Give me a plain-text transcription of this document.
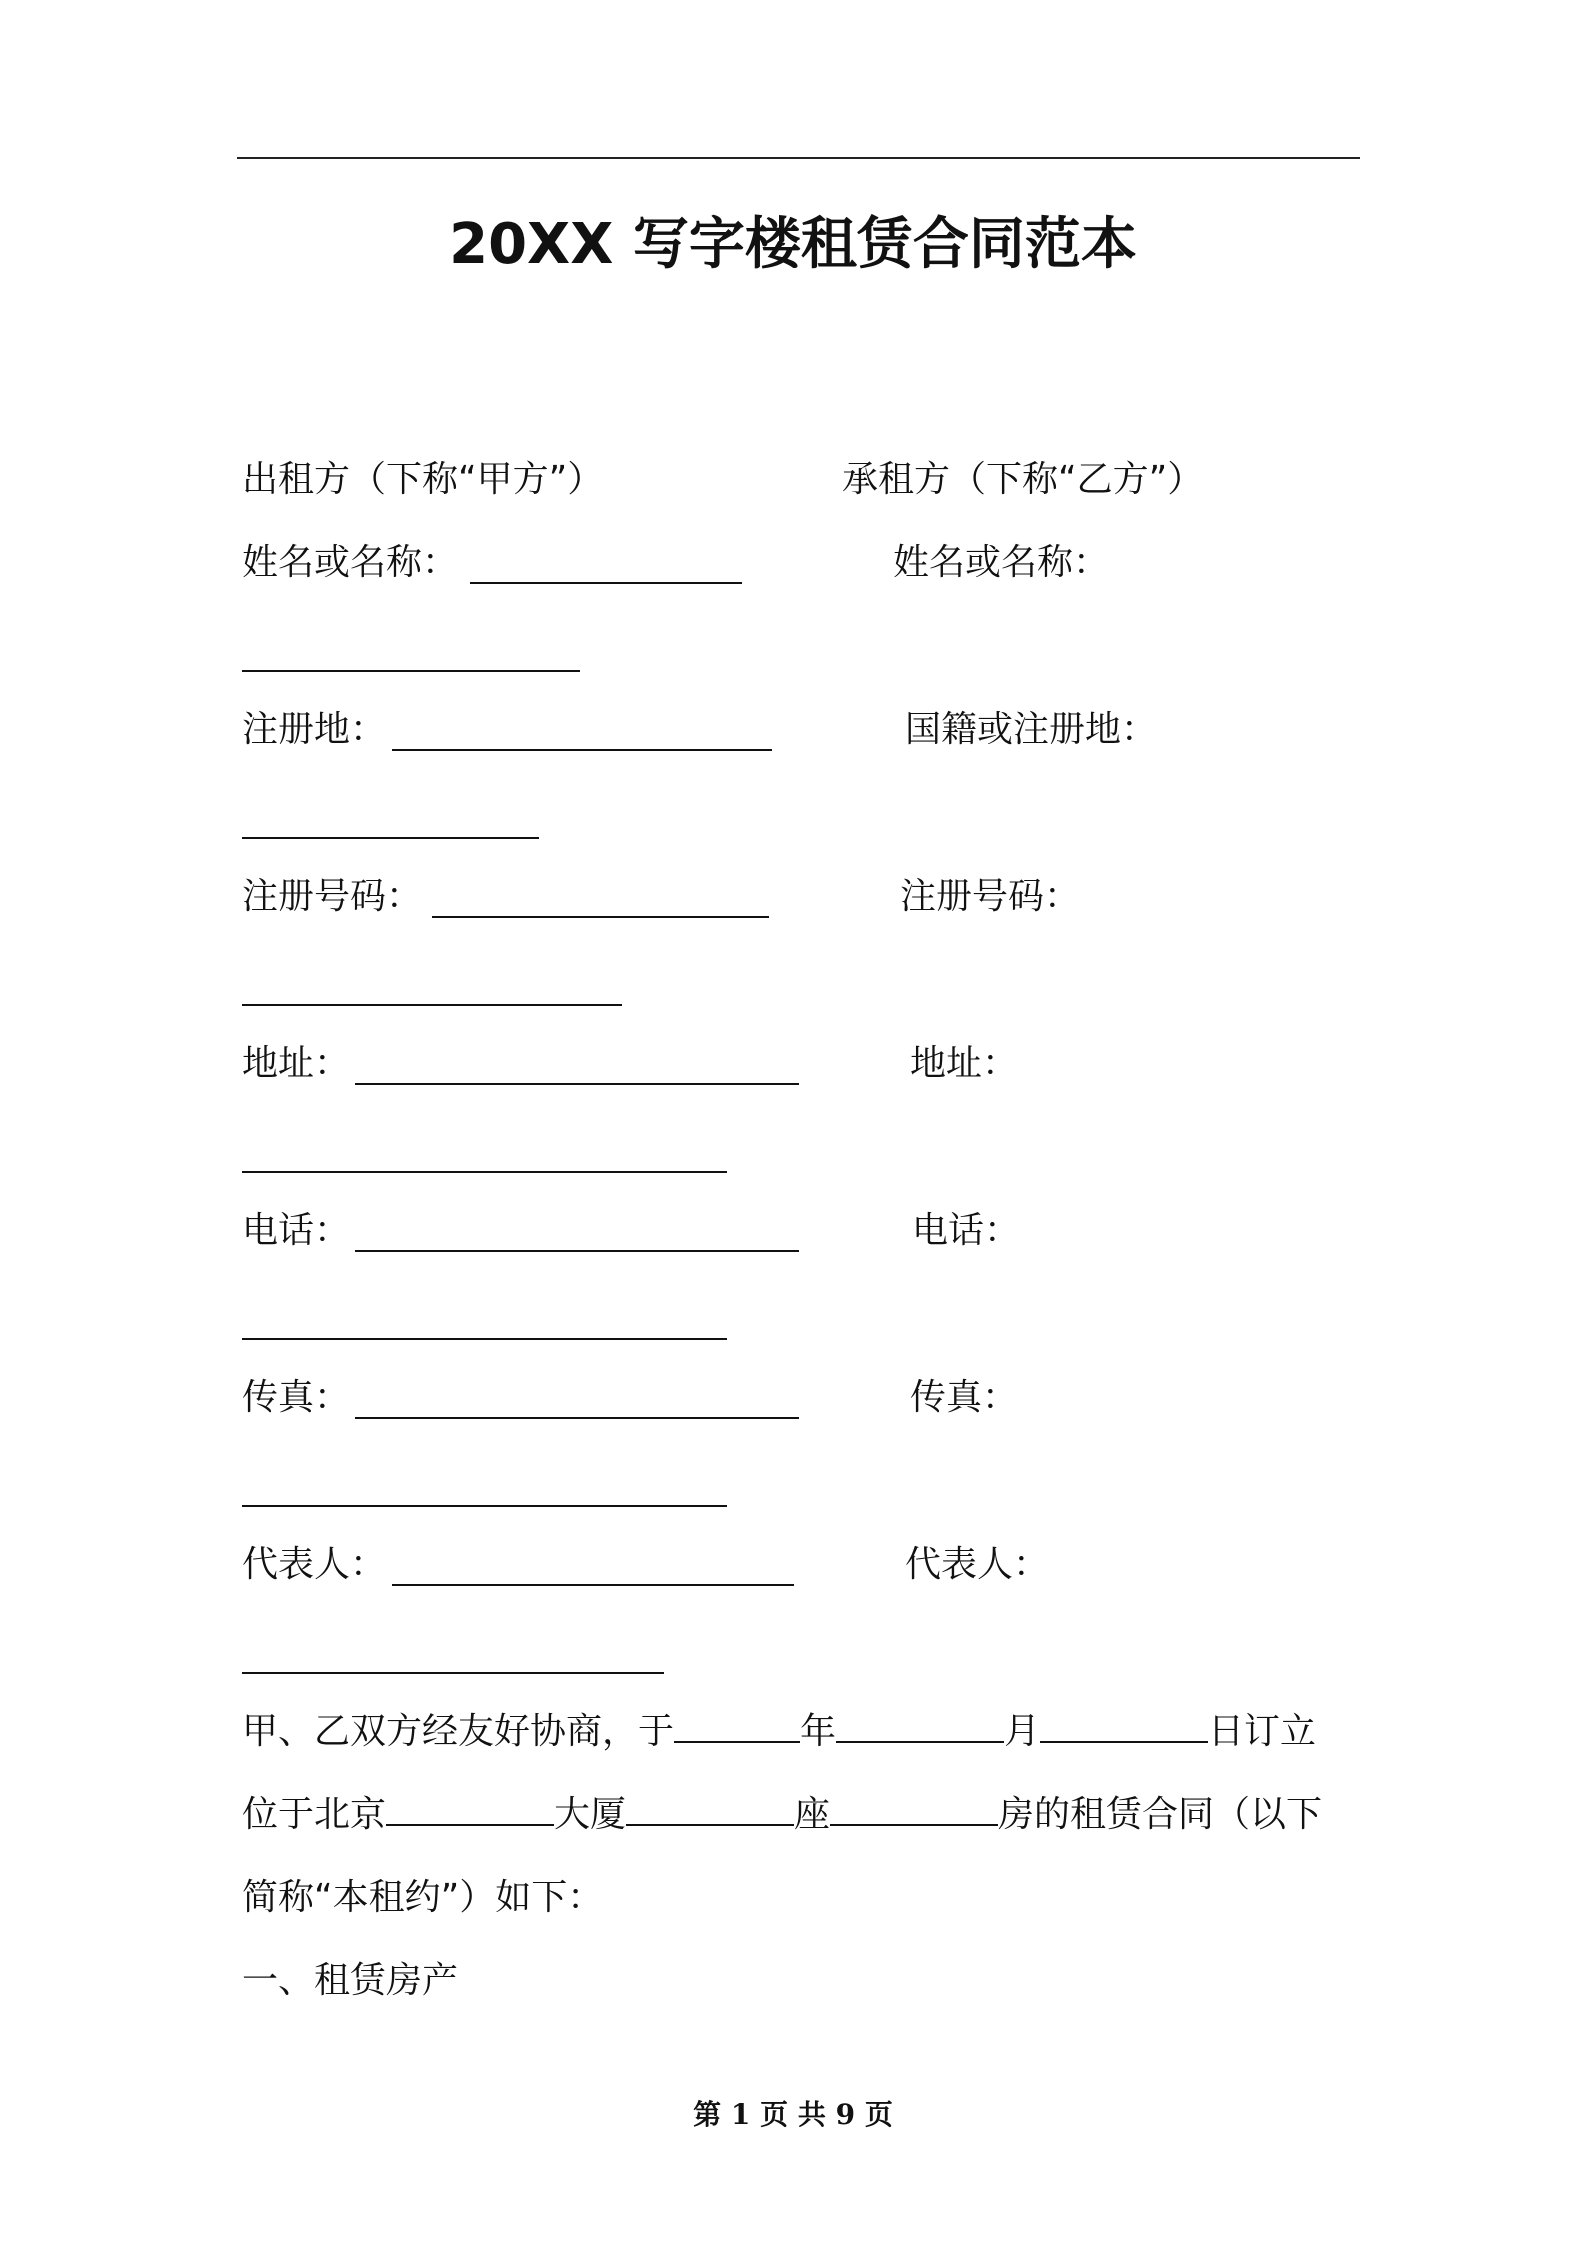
20XX 写字楼租赁合同范本
出租方（下称“甲方”）	承租方（下称“乙方”）
姓名或名称：	姓名或名称：
注册地：	国籍或注册地：
注册号码：	注册号码：
地址：	地址：
电话：	电话：
传真：	传真：
代表人：	代表人：
甲、乙双方经友好协商，于	年	月	日订立
位于北京	大厦	座	房的租赁合同（以下
简称“本租约”）如下：
一、租赁房产
第 1 页 共 9 页
